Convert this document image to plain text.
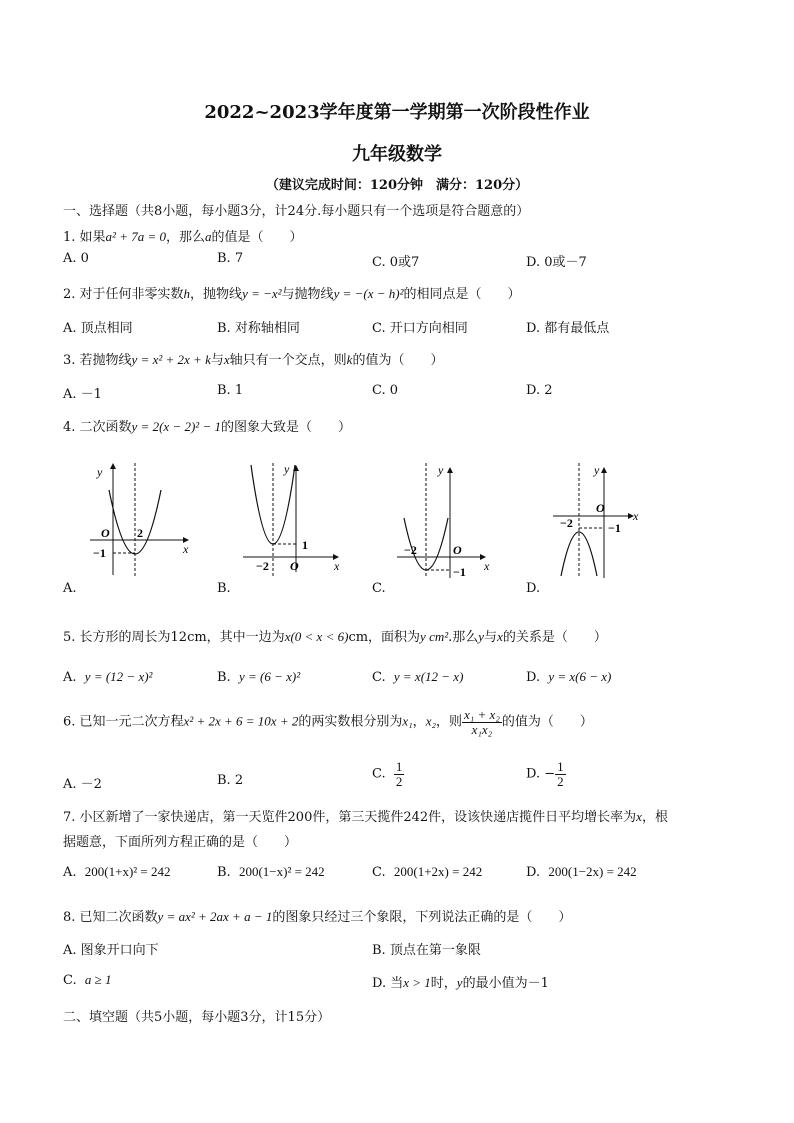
2022~2023学年度第一学期第一次阶段性作业
九年级数学
（建议完成时间：120分钟　满分：120分）
一、选择题（共8小题，每小题3分，计24分.每小题只有一个选项是符合题意的）
1. 如果a² + 7a = 0，那么a的值是（　　）
A. 0	B. 7	C. 0或7	D. 0或－7
2. 对于任何非零实数h，抛物线y = −x²与抛物线y = −(x − h)²的相同点是（　　）
A. 顶点相同	B. 对称轴相同	C. 开口方向相同	D. 都有最低点
3. 若抛物线y = x² + 2x + k与x轴只有一个交点，则k的值为（　　）
A. －1	B. 1	C. 0	D. 2
4. 二次函数y = 2(x − 2)² − 1的图象大致是（　　）
y
x
O 2
−1
A.
y
x
O
1
−2
B.
y
x
O
−2
−1
C.
y
x
O
−2	−1
D.
5. 长方形的周长为12cm，其中一边为x(0 < x < 6)cm，面积为y cm².那么y与x的关系是（　　）
A. y = (12 − x)²	B. y = (6 − x)²	C. y = x(12 − x)	D. y = x(6 − x)
6. 已知一元二次方程x² + 2x + 6 = 10x + 2的两实数根分别为x₁，x₂，则 $\frac{\text{x₁ + x₂}}{\text{x₁x₂}}$ 的值为（　　）
A. －2	B. 2	C. $\frac{1}{2}$	D. − $\frac{1}{2}$
7. 小区新增了一家快递店，第一天览件200件，第三天揽件242件，设该快递店揽件日平均增长率为x，根
据题意，下面所列方程正确的是（　　）
A. 200(1+x)² = 242	B. 200(1−x)² = 242	C. 200(1+2x) = 242	D. 200(1−2x) = 242
8. 已知二次函数y = ax² + 2ax + a − 1的图象只经过三个象限，下列说法正确的是（　　）
A. 图象开口向下	B. 顶点在第一象限
C. a ≥ 1	D. 当x > 1时，y的最小值为－1
二、填空题（共5小题，每小题3分，计15分）
